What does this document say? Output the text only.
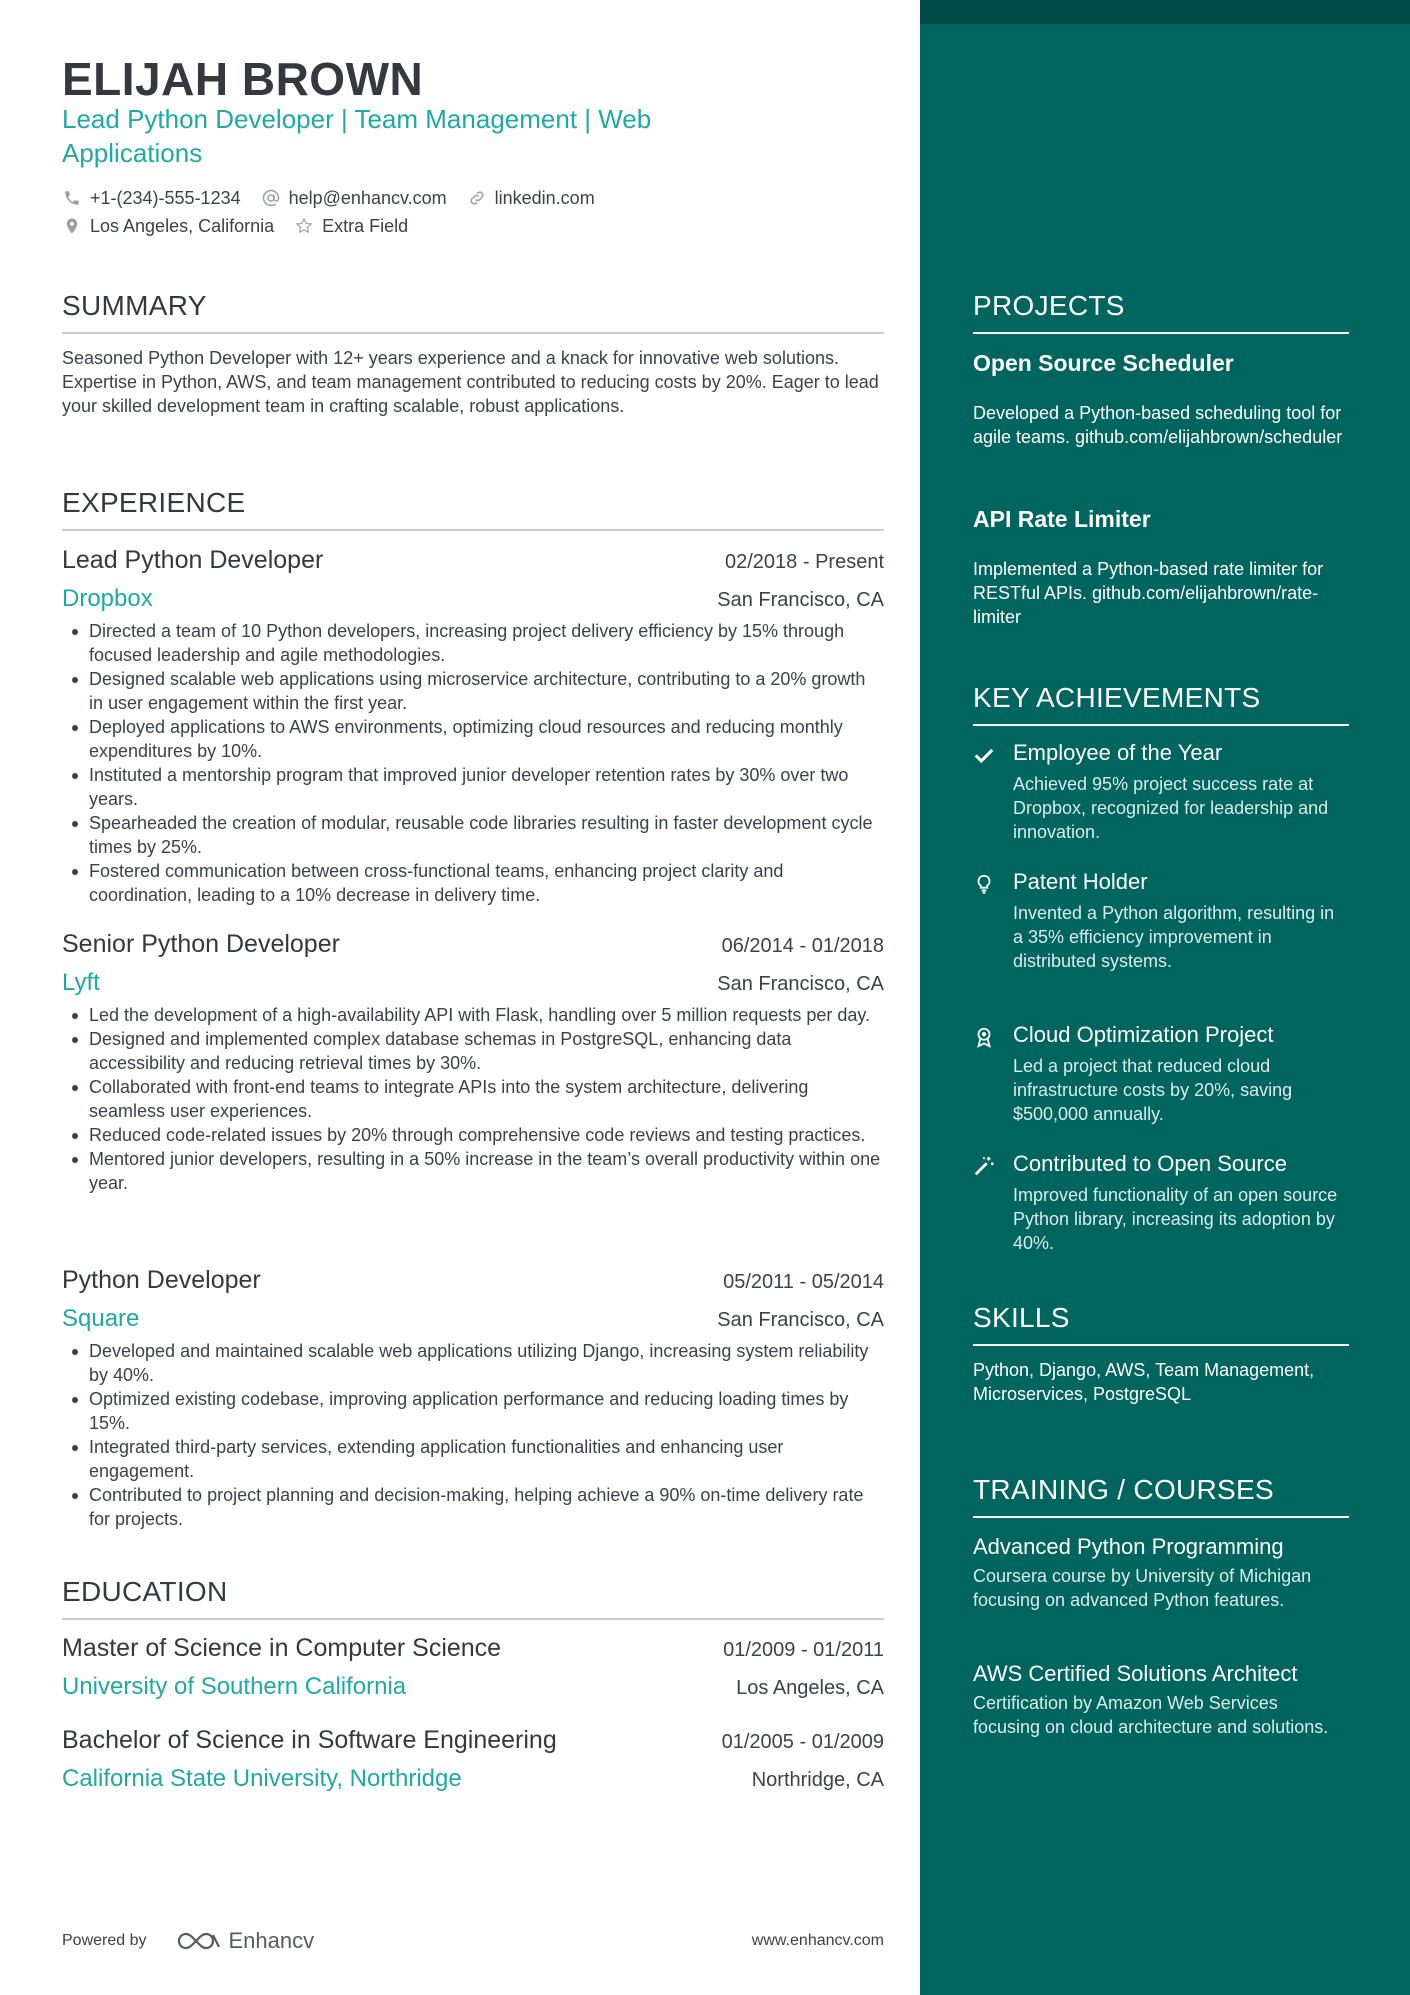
ELIJAH BROWN
Lead Python Developer | Team Management | Web Applications
+1-(234)-555-1234	help@enhancv.com	linkedin.com
Los Angeles, California	Extra Field
SUMMARY
Seasoned Python Developer with 12+ years experience and a knack for innovative web solutions. Expertise in Python, AWS, and team management contributed to reducing costs by 20%. Eager to lead your skilled development team in crafting scalable, robust applications.
EXPERIENCE
Lead Python Developer	02/2018 - Present
Dropbox	San Francisco, CA
Directed a team of 10 Python developers, increasing project delivery efficiency by 15% through focused leadership and agile methodologies.
Designed scalable web applications using microservice architecture, contributing to a 20% growth in user engagement within the first year.
Deployed applications to AWS environments, optimizing cloud resources and reducing monthly expenditures by 10%.
Instituted a mentorship program that improved junior developer retention rates by 30% over two years.
Spearheaded the creation of modular, reusable code libraries resulting in faster development cycle times by 25%.
Fostered communication between cross-functional teams, enhancing project clarity and coordination, leading to a 10% decrease in delivery time.
Senior Python Developer	06/2014 - 01/2018
Lyft	San Francisco, CA
Led the development of a high-availability API with Flask, handling over 5 million requests per day.
Designed and implemented complex database schemas in PostgreSQL, enhancing data accessibility and reducing retrieval times by 30%.
Collaborated with front-end teams to integrate APIs into the system architecture, delivering seamless user experiences.
Reduced code-related issues by 20% through comprehensive code reviews and testing practices.
Mentored junior developers, resulting in a 50% increase in the team’s overall productivity within one year.
Python Developer	05/2011 - 05/2014
Square	San Francisco, CA
Developed and maintained scalable web applications utilizing Django, increasing system reliability by 40%.
Optimized existing codebase, improving application performance and reducing loading times by 15%.
Integrated third-party services, extending application functionalities and enhancing user engagement.
Contributed to project planning and decision-making, helping achieve a 90% on-time delivery rate for projects.
EDUCATION
Master of Science in Computer Science	01/2009 - 01/2011
University of Southern California	Los Angeles, CA
Bachelor of Science in Software Engineering	01/2005 - 01/2009
California State University, Northridge	Northridge, CA
Powered by	Enhancv	www.enhancv.com
PROJECTS
Open Source Scheduler
Developed a Python-based scheduling tool for agile teams. github.com/elijahbrown/scheduler
API Rate Limiter
Implemented a Python-based rate limiter for RESTful APIs. github.com/elijahbrown/rate-limiter
KEY ACHIEVEMENTS
Employee of the Year
Achieved 95% project success rate at Dropbox, recognized for leadership and innovation.
Patent Holder
Invented a Python algorithm, resulting in a 35% efficiency improvement in distributed systems.
Cloud Optimization Project
Led a project that reduced cloud infrastructure costs by 20%, saving $500,000 annually.
Contributed to Open Source
Improved functionality of an open source Python library, increasing its adoption by 40%.
SKILLS
Python, Django, AWS, Team Management, Microservices, PostgreSQL
TRAINING / COURSES
Advanced Python Programming
Coursera course by University of Michigan focusing on advanced Python features.
AWS Certified Solutions Architect
Certification by Amazon Web Services focusing on cloud architecture and solutions.
